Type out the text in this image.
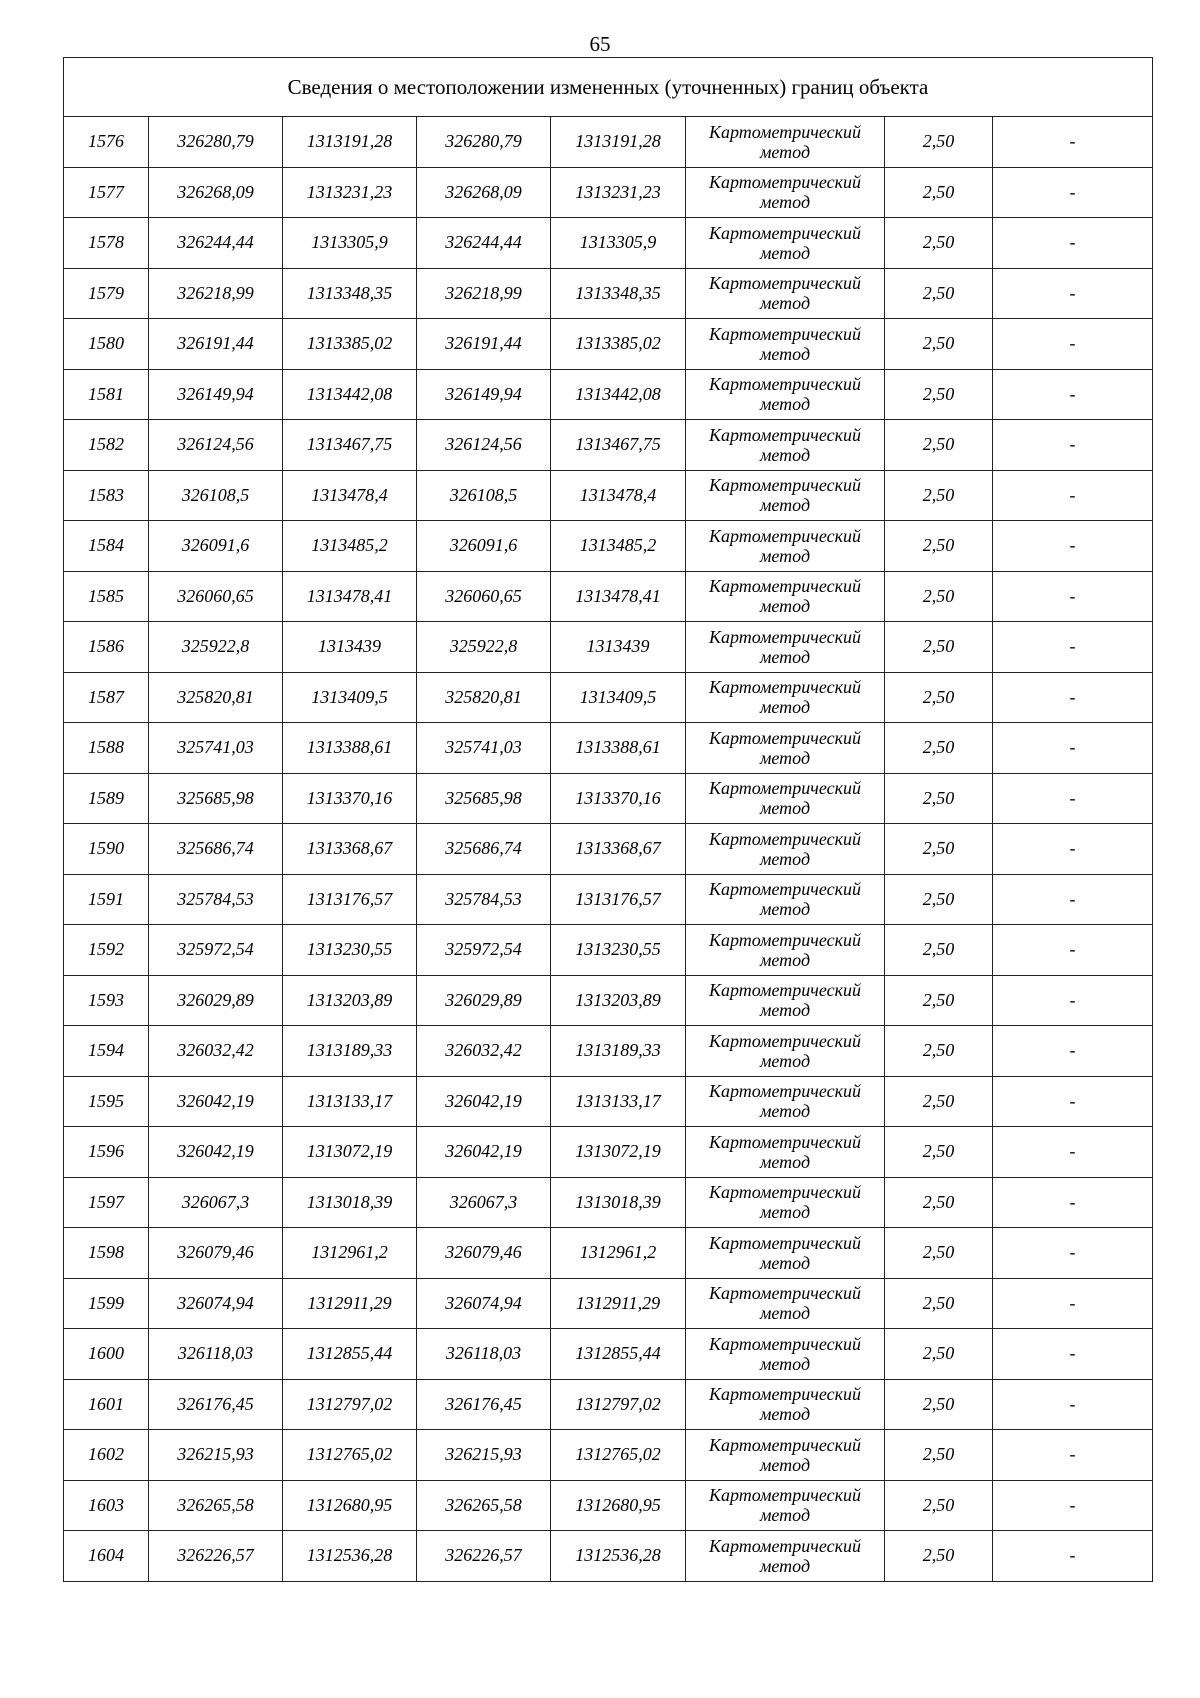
65
Сведения о местоположении измененных (уточненных) границ объекта							
1576	326280,79	1313191,28	326280,79	1313191,28	Картометрический метод	2,50	-
1577	326268,09	1313231,23	326268,09	1313231,23	Картометрический метод	2,50	-
1578	326244,44	1313305,9	326244,44	1313305,9	Картометрический метод	2,50	-
1579	326218,99	1313348,35	326218,99	1313348,35	Картометрический метод	2,50	-
1580	326191,44	1313385,02	326191,44	1313385,02	Картометрический метод	2,50	-
1581	326149,94	1313442,08	326149,94	1313442,08	Картометрический метод	2,50	-
1582	326124,56	1313467,75	326124,56	1313467,75	Картометрический метод	2,50	-
1583	326108,5	1313478,4	326108,5	1313478,4	Картометрический метод	2,50	-
1584	326091,6	1313485,2	326091,6	1313485,2	Картометрический метод	2,50	-
1585	326060,65	1313478,41	326060,65	1313478,41	Картометрический метод	2,50	-
1586	325922,8	1313439	325922,8	1313439	Картометрический метод	2,50	-
1587	325820,81	1313409,5	325820,81	1313409,5	Картометрический метод	2,50	-
1588	325741,03	1313388,61	325741,03	1313388,61	Картометрический метод	2,50	-
1589	325685,98	1313370,16	325685,98	1313370,16	Картометрический метод	2,50	-
1590	325686,74	1313368,67	325686,74	1313368,67	Картометрический метод	2,50	-
1591	325784,53	1313176,57	325784,53	1313176,57	Картометрический метод	2,50	-
1592	325972,54	1313230,55	325972,54	1313230,55	Картометрический метод	2,50	-
1593	326029,89	1313203,89	326029,89	1313203,89	Картометрический метод	2,50	-
1594	326032,42	1313189,33	326032,42	1313189,33	Картометрический метод	2,50	-
1595	326042,19	1313133,17	326042,19	1313133,17	Картометрический метод	2,50	-
1596	326042,19	1313072,19	326042,19	1313072,19	Картометрический метод	2,50	-
1597	326067,3	1313018,39	326067,3	1313018,39	Картометрический метод	2,50	-
1598	326079,46	1312961,2	326079,46	1312961,2	Картометрический метод	2,50	-
1599	326074,94	1312911,29	326074,94	1312911,29	Картометрический метод	2,50	-
1600	326118,03	1312855,44	326118,03	1312855,44	Картометрический метод	2,50	-
1601	326176,45	1312797,02	326176,45	1312797,02	Картометрический метод	2,50	-
1602	326215,93	1312765,02	326215,93	1312765,02	Картометрический метод	2,50	-
1603	326265,58	1312680,95	326265,58	1312680,95	Картометрический метод	2,50	-
1604	326226,57	1312536,28	326226,57	1312536,28	Картометрический метод	2,50	-
